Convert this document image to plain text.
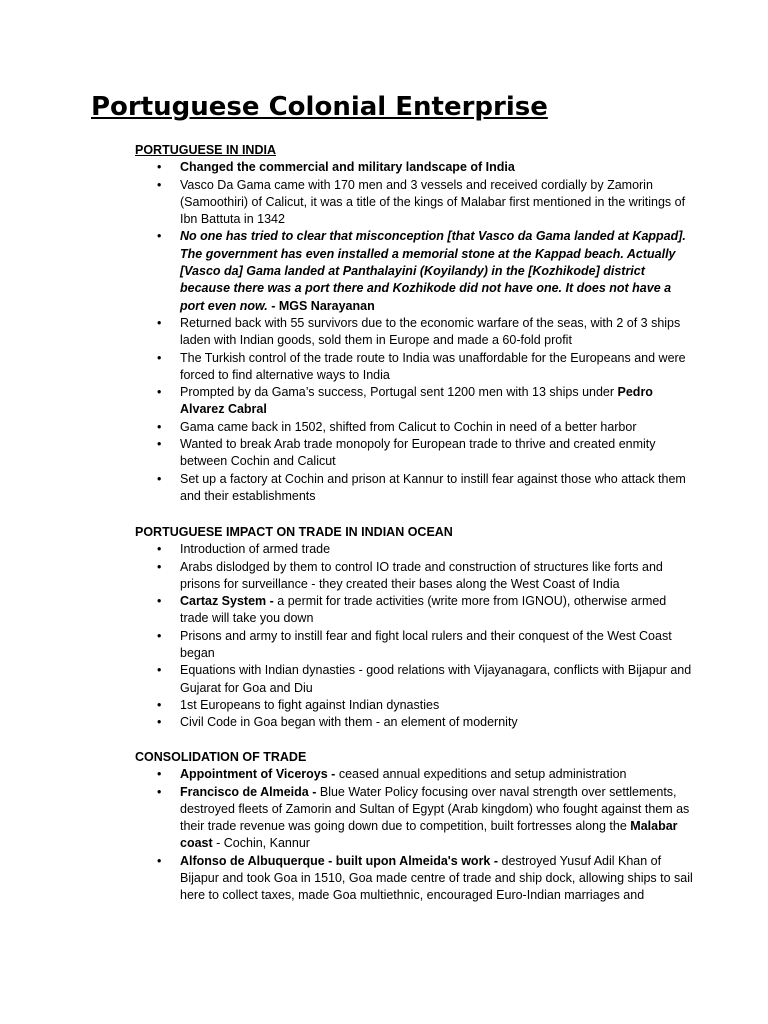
Portuguese Colonial Enterprise
PORTUGUESE IN INDIA
• Changed the commercial and military landscape of India
• Vasco Da Gama came with 170 men and 3 vessels and received cordially by Zamorin (Samoothiri) of Calicut, it was a title of the kings of Malabar first mentioned in the writings of Ibn Battuta in 1342
• No one has tried to clear that misconception [that Vasco da Gama landed at Kappad]. The government has even installed a memorial stone at the Kappad beach. Actually [Vasco da] Gama landed at Panthalayini (Koyilandy) in the [Kozhikode] district because there was a port there and Kozhikode did not have one. It does not have a port even now. - MGS Narayanan
• Returned back with 55 survivors due to the economic warfare of the seas, with 2 of 3 ships laden with Indian goods, sold them in Europe and made a 60-fold profit
• The Turkish control of the trade route to India was unaffordable for the Europeans and were forced to find alternative ways to India
• Prompted by da Gama’s success, Portugal sent 1200 men with 13 ships under Pedro Alvarez Cabral
• Gama came back in 1502, shifted from Calicut to Cochin in need of a better harbor
• Wanted to break Arab trade monopoly for European trade to thrive and created enmity between Cochin and Calicut
• Set up a factory at Cochin and prison at Kannur to instill fear against those who attack them and their establishments
PORTUGUESE IMPACT ON TRADE IN INDIAN OCEAN
• Introduction of armed trade
• Arabs dislodged by them to control IO trade and construction of structures like forts and prisons for surveillance - they created their bases along the West Coast of India
• Cartaz System - a permit for trade activities (write more from IGNOU), otherwise armed trade will take you down
• Prisons and army to instill fear and fight local rulers and their conquest of the West Coast began
• Equations with Indian dynasties - good relations with Vijayanagara, conflicts with Bijapur and Gujarat for Goa and Diu
• 1st Europeans to fight against Indian dynasties
• Civil Code in Goa began with them - an element of modernity
CONSOLIDATION OF TRADE
• Appointment of Viceroys - ceased annual expeditions and setup administration
• Francisco de Almeida - Blue Water Policy focusing over naval strength over settlements, destroyed fleets of Zamorin and Sultan of Egypt (Arab kingdom) who fought against them as their trade revenue was going down due to competition, built fortresses along the Malabar coast - Cochin, Kannur
• Alfonso de Albuquerque - built upon Almeida's work - destroyed Yusuf Adil Khan of Bijapur and took Goa in 1510, Goa made centre of trade and ship dock, allowing ships to sail here to collect taxes, made Goa multiethnic, encouraged Euro-Indian marriages and
